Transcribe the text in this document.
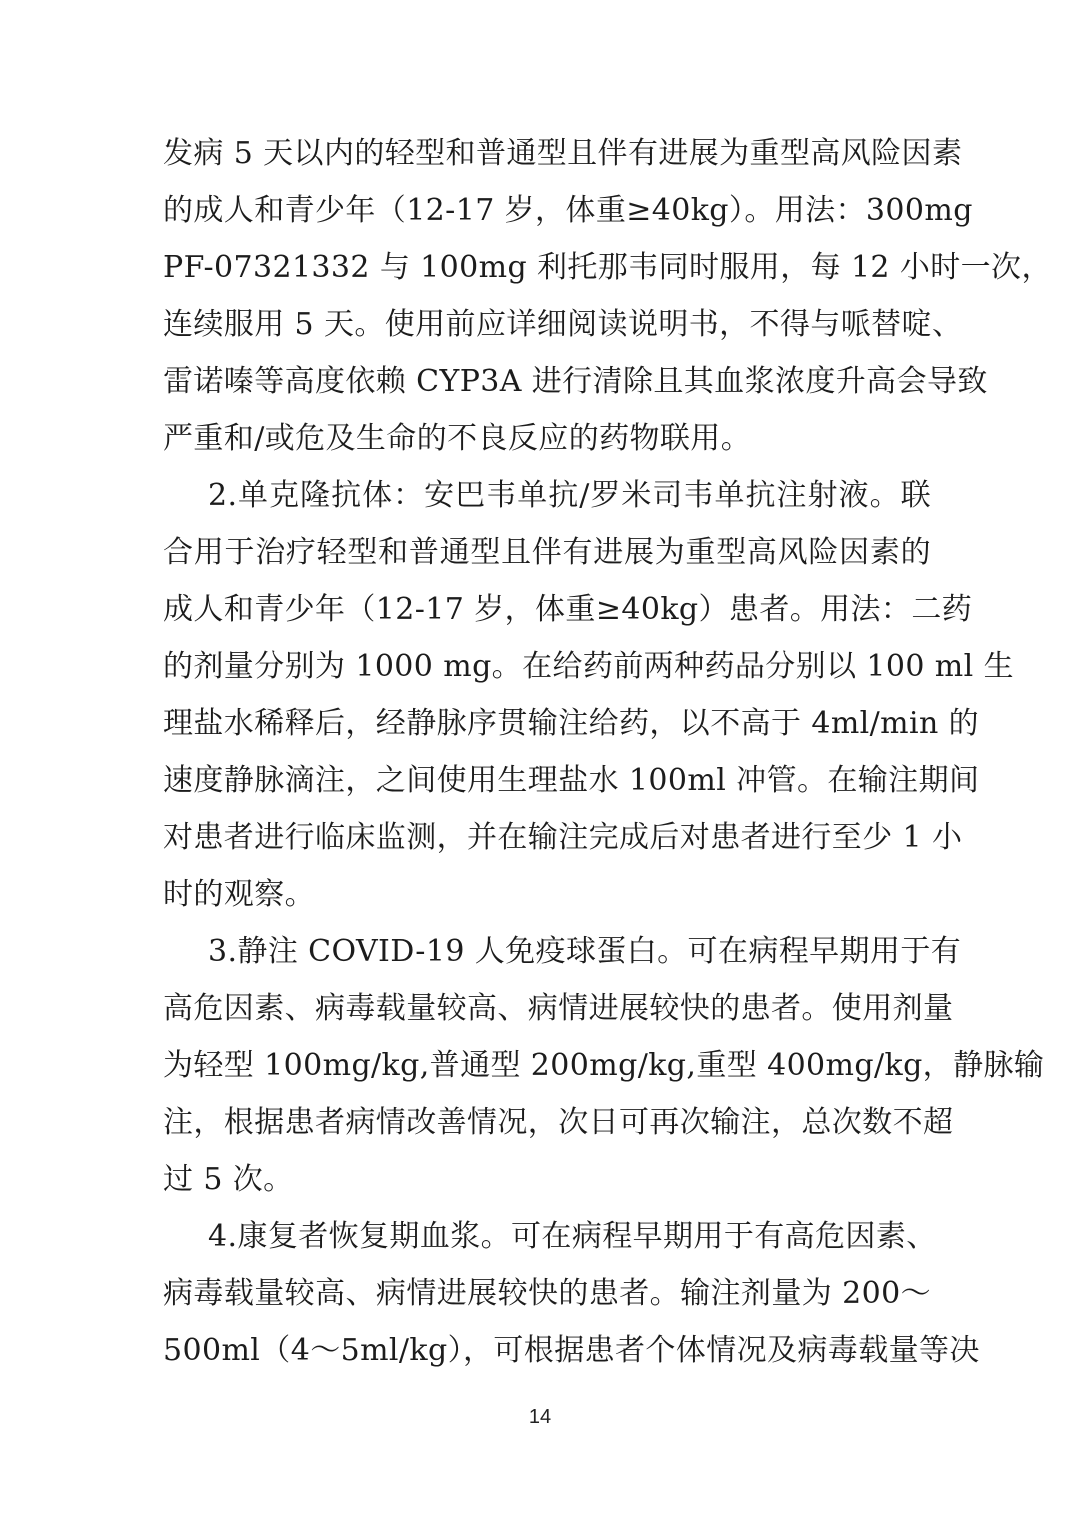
发病 5 天以内的轻型和普通型且伴有进展为重型高风险因素
的成人和青少年（12-17 岁，体重≥40kg）。用法：300mg
PF-07321332 与 100mg 利托那韦同时服用，每 12 小时一次，
连续服用 5 天。使用前应详细阅读说明书，不得与哌替啶、
雷诺嗪等高度依赖 CYP3A 进行清除且其血浆浓度升高会导致
严重和/或危及生命的不良反应的药物联用。
2.单克隆抗体：安巴韦单抗/罗米司韦单抗注射液。联
合用于治疗轻型和普通型且伴有进展为重型高风险因素的
成人和青少年（12-17 岁，体重≥40kg）患者。用法：二药
的剂量分别为 1000 mg。在给药前两种药品分别以 100 ml 生
理盐水稀释后，经静脉序贯输注给药，以不高于 4ml/min 的
速度静脉滴注，之间使用生理盐水 100ml 冲管。在输注期间
对患者进行临床监测，并在输注完成后对患者进行至少 1 小
时的观察。
3.静注 COVID-19 人免疫球蛋白。可在病程早期用于有
高危因素、病毒载量较高、病情进展较快的患者。使用剂量
为轻型 100mg/kg,普通型 200mg/kg,重型 400mg/kg，静脉输
注，根据患者病情改善情况，次日可再次输注，总次数不超
过 5 次。
4.康复者恢复期血浆。可在病程早期用于有高危因素、
病毒载量较高、病情进展较快的患者。输注剂量为 200～
500ml（4～5ml/kg），可根据患者个体情况及病毒载量等决
14
